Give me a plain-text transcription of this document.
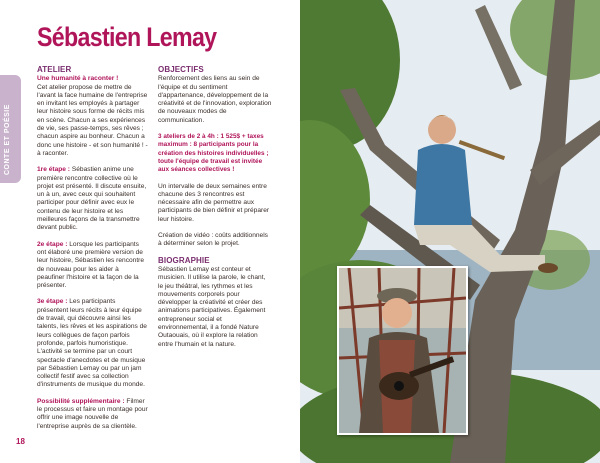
CONTE ET POÉSIE
Sébastien Lemay
ATELIER
Une humanité à raconter !

Cet atelier propose de mettre de l'avant la face humaine de l'entreprise en invitant les employés à partager leur histoire sous forme de récits mis en scène. Chacun a ses expériences de vie, ses passe-temps, ses rêves ; chacun aspire au bonheur. Chacun a donc une histoire - et son humanité ! - à raconter.

1re étape : Sébastien anime une première rencontre collective où le projet est présenté. Il discute ensuite, un à un, avec ceux qui souhaitent participer pour définir avec eux le contenu de leur histoire et les meilleures façons de la transmettre devant public.

2e étape : Lorsque les participants ont élaboré une première version de leur histoire, Sébastien les rencontre de nouveau pour les aider à peaufiner l'histoire et la façon de la présenter.

3e étape : Les participants présentent leurs récits à leur équipe de travail, qui découvre ainsi les talents, les rêves et les aspirations de leurs collègues de façon parfois profonde, parfois humoristique. L'activité se termine par un court spectacle d'anecdotes et de musique par Sébastien Lemay ou par un jam collectif festif avec sa collection d'instruments de musique du monde.

Possibilité supplémentaire : Filmer le processus et faire un montage pour offrir une image nouvelle de l'entreprise auprès de sa clientèle.

OBJECTIFS

Renforcement des liens au sein de l'équipe et du sentiment d'appartenance, développement de la créativité et de l'innovation, exploration de nouveaux modes de communication.

3 ateliers de 2 à 4h : 1 525$ + taxes maximum : 8 participants pour la création des histoires individuelles ; toute l'équipe de travail est invitée aux séances collectives !

Un intervalle de deux semaines entre chacune des 3 rencontres est nécessaire afin de permettre aux participants de bien définir et préparer leur histoire.

Création de vidéo : coûts additionnels à déterminer selon le projet.

BIOGRAPHIE

Sébastien Lemay est conteur et musicien. Il utilise la parole, le chant, le jeu théâtral, les rythmes et les mouvements corporels pour développer la créativité et créer des animations participatives. Également entrepreneur social et environnemental, il a fondé Nature Outaouais, où il explore la relation entre l'humain et la nature.

18
